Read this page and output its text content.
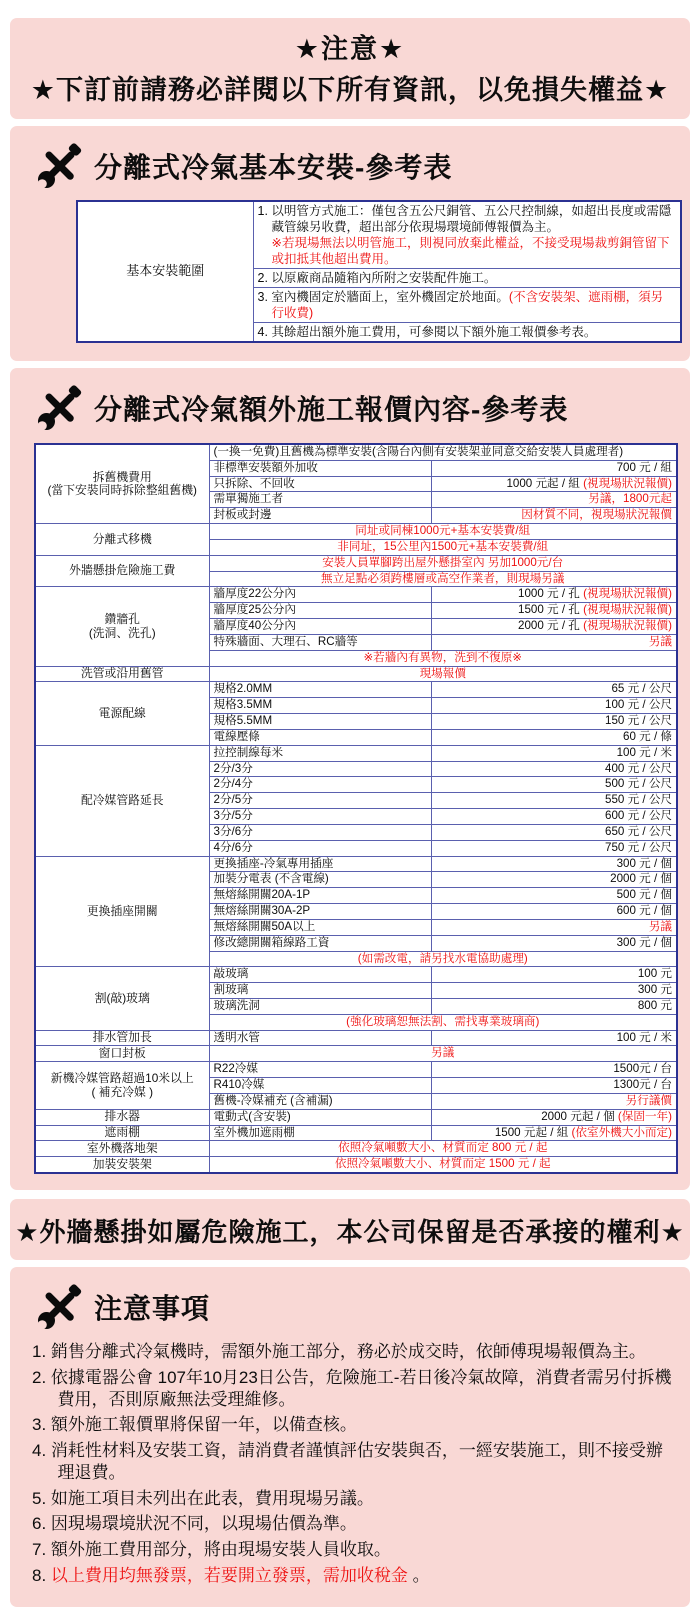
★注意★
★下訂前請務必詳閱以下所有資訊，以免損失權益★
分離式冷氣基本安裝-參考表
基本安裝範圍	1. 以明管方式施工：僅包含五公尺銅管、五公尺控制線，如超出長度或需隱藏管線另收費，超出部分依現場環境師傅報價為主。
※若現場無法以明管施工，則視同放棄此權益，不接受現場裁剪銅管留下或扣抵其他超出費用。
2. 以原廠商品隨箱內所附之安裝配件施工。
3. 室內機固定於牆面上，室外機固定於地面。(不含安裝架、遮雨棚，須另行收費)
4. 其餘超出額外施工費用，可參閱以下額外施工報價參考表。
分離式冷氣額外施工報價內容-參考表
拆舊機費用
(當下安裝同時拆除整組舊機)	(一換一免費)且舊機為標準安裝(含陽台內側有安裝架並同意交給安裝人員處理者)	
	非標準安裝額外加收	700 元 / 組
	只拆除、不回收	1000 元起 / 組 (視現場狀況報價)
	需單獨施工者	另議，1800元起
	封板或封邊	因材質不同，視現場狀況報價
分離式移機	同址或同棟1000元+基本安裝費/組	
	非同址，15公里內1500元+基本安裝費/組	
外牆懸掛危險施工費	安裝人員單腳跨出屋外懸掛室內 另加1000元/台	
	無立足點必須跨樓層或高空作業者，則現場另議	
鑽牆孔
(洗洞、洗孔)	牆厚度22公分內	1000 元 / 孔 (視現場狀況報價)
	牆厚度25公分內	1500 元 / 孔 (視現場狀況報價)
	牆厚度40公分內	2000 元 / 孔 (視現場狀況報價)
	特殊牆面、大理石、RC牆等	另議
	※若牆內有異物，洗到不復原※	
洗管或沿用舊管	現場報價	
電源配線	規格2.0MM	65 元 / 公尺
	規格3.5MM	100 元 / 公尺
	規格5.5MM	150 元 / 公尺
	電線壓條	60 元 / 條
配冷媒管路延長	拉控制線每米	100 元 / 米
	2分/3分	400 元 / 公尺
	2分/4分	500 元 / 公尺
	2分/5分	550 元 / 公尺
	3分/5分	600 元 / 公尺
	3分/6分	650 元 / 公尺
	4分/6分	750 元 / 公尺
更換插座開關	更換插座-冷氣專用插座	300 元 / 個
	加裝分電表 (不含電線)	2000 元 / 個
	無熔絲開關20A-1P	500 元 / 個
	無熔絲開關30A-2P	600 元 / 個
	無熔絲開關50A以上	另議
	修改總開關箱線路工資	300 元 / 個
	(如需改電，請另找水電協助處理)	
割(敲)玻璃	敲玻璃	100 元
	割玻璃	300 元
	玻璃洗洞	800 元
	(強化玻璃恕無法割、需找專業玻璃商)	
排水管加長	透明水管	100 元 / 米
窗口封板	另議	
新機冷媒管路超過10米以上
( 補充冷媒 )	R22冷媒	1500元 / 台
	R410冷媒	1300元 / 台
	舊機-冷媒補充 (含補漏)	另行議價
排水器	電動式(含安裝)	2000 元起 / 個 (保固一年)
遮雨棚	室外機加遮雨棚	1500 元起 / 組 (依室外機大小而定)
室外機落地架	依照冷氣噸數大小、材質而定 800 元 / 起	
加裝安裝架	依照冷氣噸數大小、材質而定 1500 元 / 起	
★外牆懸掛如屬危險施工，本公司保留是否承接的權利★
注意事項
1. 銷售分離式冷氣機時，需額外施工部分，務必於成交時，依師傅現場報價為主。
2. 依據電器公會 107年10月23日公告，危險施工-若日後冷氣故障，消費者需另付拆機費用，否則原廠無法受理維修。
3. 額外施工報價單將保留一年，以備查核。
4. 消耗性材料及安裝工資，請消費者謹慎評估安裝與否，一經安裝施工，則不接受辦理退費。
5. 如施工項目未列出在此表，費用現場另議。
6. 因現場環境狀況不同，以現場估價為準。
7. 額外施工費用部分，將由現場安裝人員收取。
8. 以上費用均無發票，若要開立發票，需加收稅金 。
